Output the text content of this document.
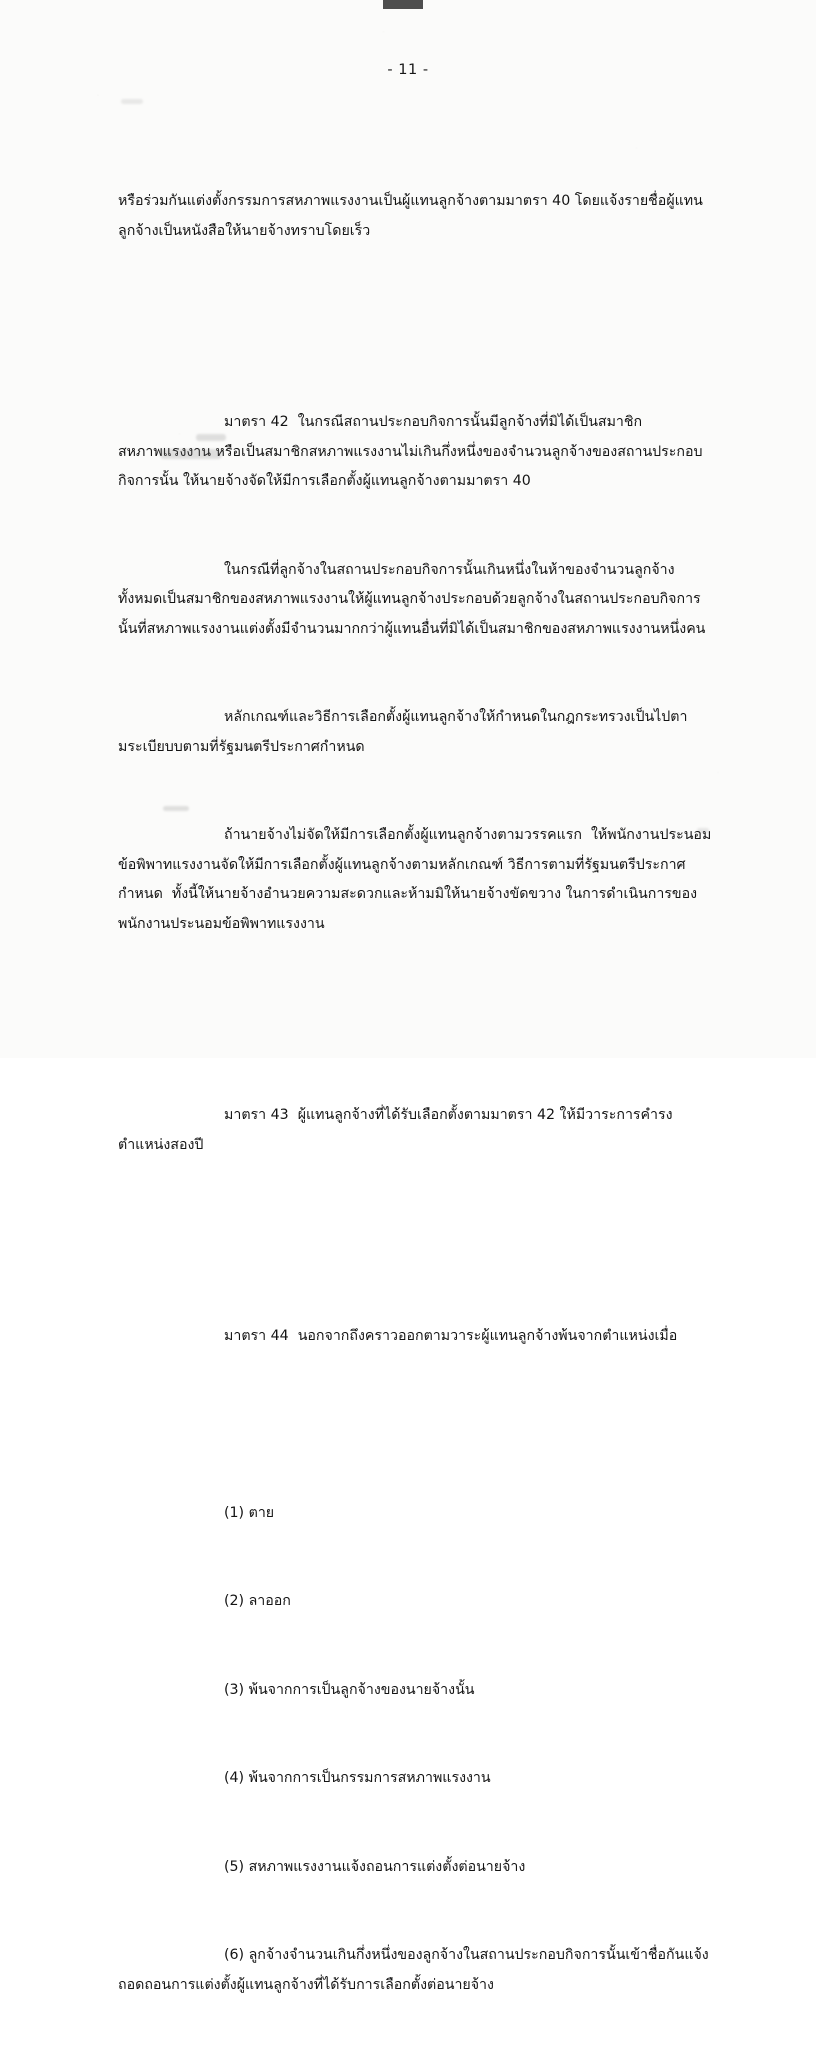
- 11 -

หรือร่วมกันแต่งตั้งกรรมการสหภาพแรงงานเป็นผู้แทนลูกจ้างตามมาตรา 40 โดยแจ้งรายชื่อผู้แทนลูกจ้างเป็นหนังสือให้นายจ้างทราบโดยเร็ว

มาตรา 42  ในกรณีสถานประกอบกิจการนั้นมีลูกจ้างที่มิได้เป็นสมาชิกสหภาพแรงงาน หรือเป็นสมาชิกสหภาพแรงงานไม่เกินกึ่งหนึ่งของจำนวนลูกจ้างของสถานประกอบกิจการนั้น ให้นายจ้างจัดให้มีการเลือกตั้งผู้แทนลูกจ้างตามมาตรา 40

ในกรณีที่ลูกจ้างในสถานประกอบกิจการนั้นเกินหนึ่งในห้าของจำนวนลูกจ้างทั้งหมดเป็นสมาชิกของสหภาพแรงงานให้ผู้แทนลูกจ้างประกอบด้วยลูกจ้างในสถานประกอบกิจการนั้นที่สหภาพแรงงานแต่งตั้งมีจำนวนมากกว่าผู้แทนอื่นที่มิได้เป็นสมาชิกของสหภาพแรงงานหนึ่งคน

หลักเกณฑ์และวิธีการเลือกตั้งผู้แทนลูกจ้างให้กำหนดในกฎกระทรวงเป็นไปตามระเบียบบตามที่รัฐมนตรีประกาศกำหนด

ถ้านายจ้างไม่จัดให้มีการเลือกตั้งผู้แทนลูกจ้างตามวรรคแรก  ให้พนักงานประนอมข้อพิพาทแรงงานจัดให้มีการเลือกตั้งผู้แทนลูกจ้างตามหลักเกณฑ์ วิธีการตามที่รัฐมนตรีประกาศกำหนด  ทั้งนี้ให้นายจ้างอำนวยความสะดวกและห้ามมิให้นายจ้างขัดขวาง ในการดำเนินการของพนักงานประนอมข้อพิพาทแรงงาน

มาตรา 43  ผู้แทนลูกจ้างที่ได้รับเลือกตั้งตามมาตรา 42 ให้มีวาระการคำรงตำแหน่งสองปี

มาตรา 44  นอกจากถึงคราวออกตามวาระผู้แทนลูกจ้างพ้นจากตำแหน่งเมื่อ

(1) ตาย

(2) ลาออก

(3) พ้นจากการเป็นลูกจ้างของนายจ้างนั้น

(4) พ้นจากการเป็นกรรมการสหภาพแรงงาน

(5) สหภาพแรงงานแจ้งถอนการแต่งตั้งต่อนายจ้าง

(6) ลูกจ้างจำนวนเกินกึ่งหนึ่งของลูกจ้างในสถานประกอบกิจการนั้นเข้าชื่อกันแจ้งถอดถอนการแต่งตั้งผู้แทนลูกจ้างที่ได้รับการเลือกตั้งต่อนายจ้าง
